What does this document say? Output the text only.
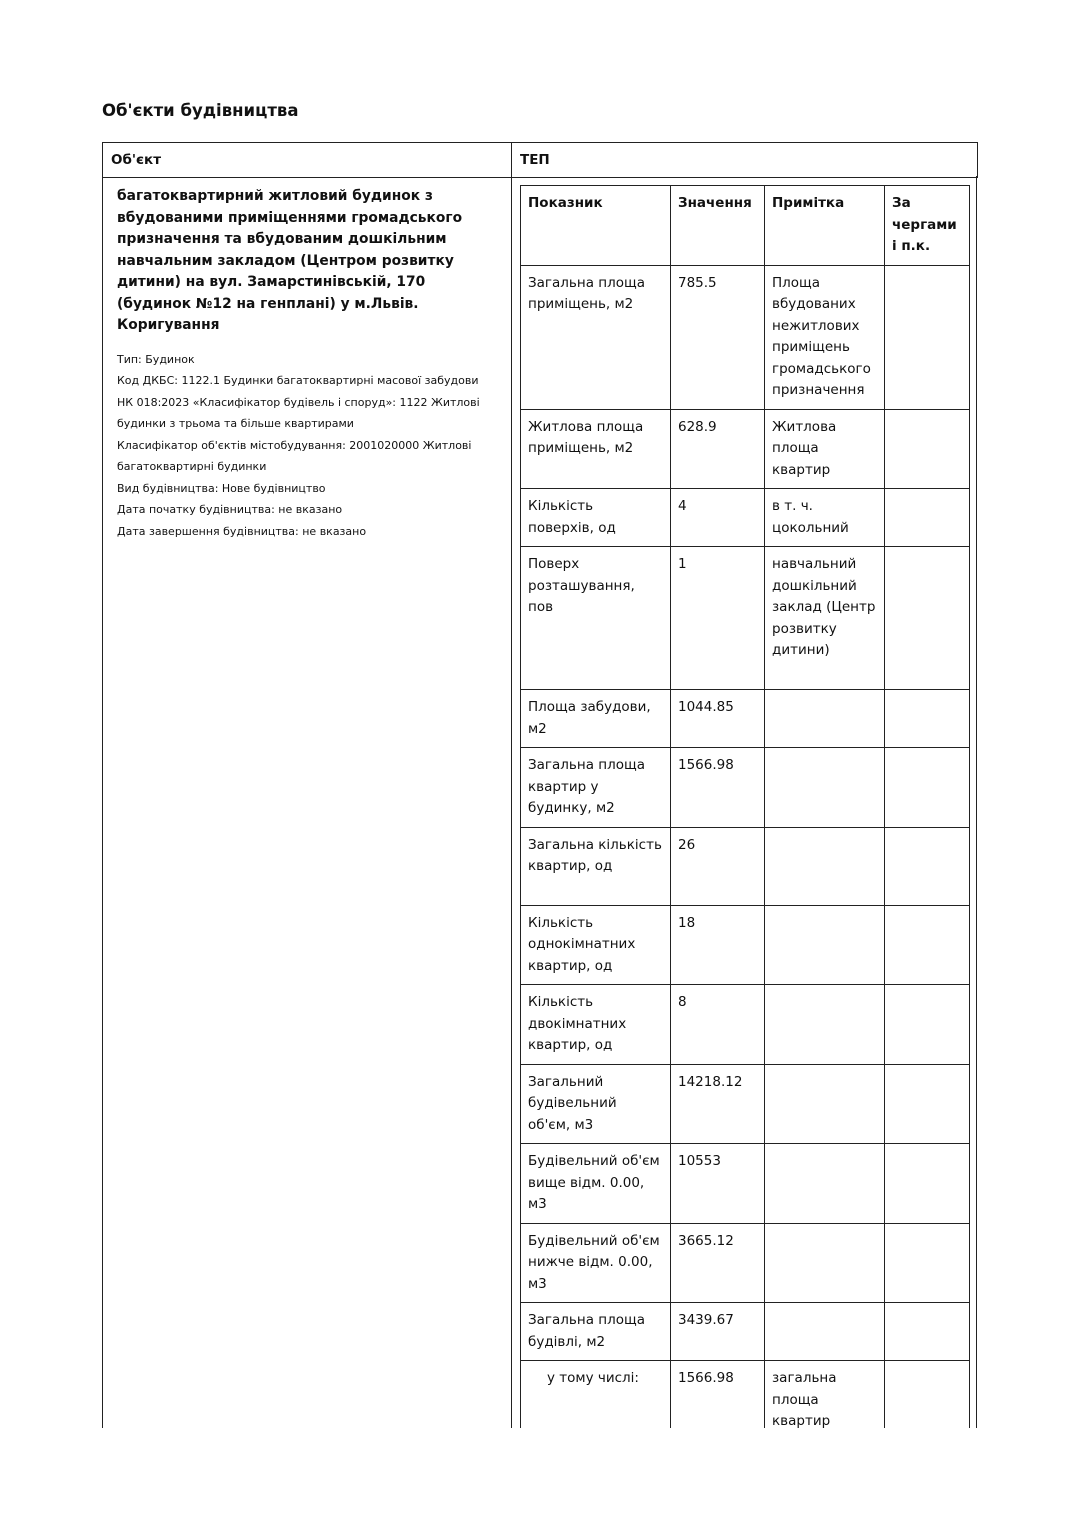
Об'єкти будівництва
Об'єкт	ТЕП

багатоквартирний житловий будинок з вбудованими приміщеннями громадського призначення та вбудованим дошкільним навчальним закладом (Центром розвитку дитини) на вул. Замарстинівській, 170 (будинок №12 на генплані) у м.Львів. Коригування

Тип: Будинок
Код ДКБС: 1122.1 Будинки багатоквартирні масової забудови
НК 018:2023 «Класифікатор будівель і споруд»: 1122 Житлові будинки з трьома та більше квартирами
Класифікатор об'єктів містобудування: 2001020000 Житлові багатоквартирні будинки
Вид будівництва: Нове будівництво
Дата початку будівництва: не вказано
Дата завершення будівництва: не вказано
Показник	Значення	Примітка	За чергами і п.к.
Загальна площа приміщень, м2	785.5	Площа вбудованих нежитлових приміщень громадського призначення	
Житлова площа приміщень, м2	628.9	Житлова площа квартир	
Кількість поверхів, од	4	в т. ч. цокольний	
Поверх розташування, пов	1	навчальний дошкільний заклад (Центр розвитку дитини)	
Площа забудови, м2	1044.85		
Загальна площа квартир у будинку, м2	1566.98		
Загальна кількість квартир, од	26		
Кількість однокімнатних квартир, од	18		
Кількість двокімнатних квартир, од	8		
Загальний будівельний об'єм, м3	14218.12		
Будівельний об'єм вище відм. 0.00, м3	10553		
Будівельний об'єм нижче відм. 0.00, м3	3665.12		
Загальна площа будівлі, м2	3439.67		
у тому числі:	1566.98	загальна площа квартир	
